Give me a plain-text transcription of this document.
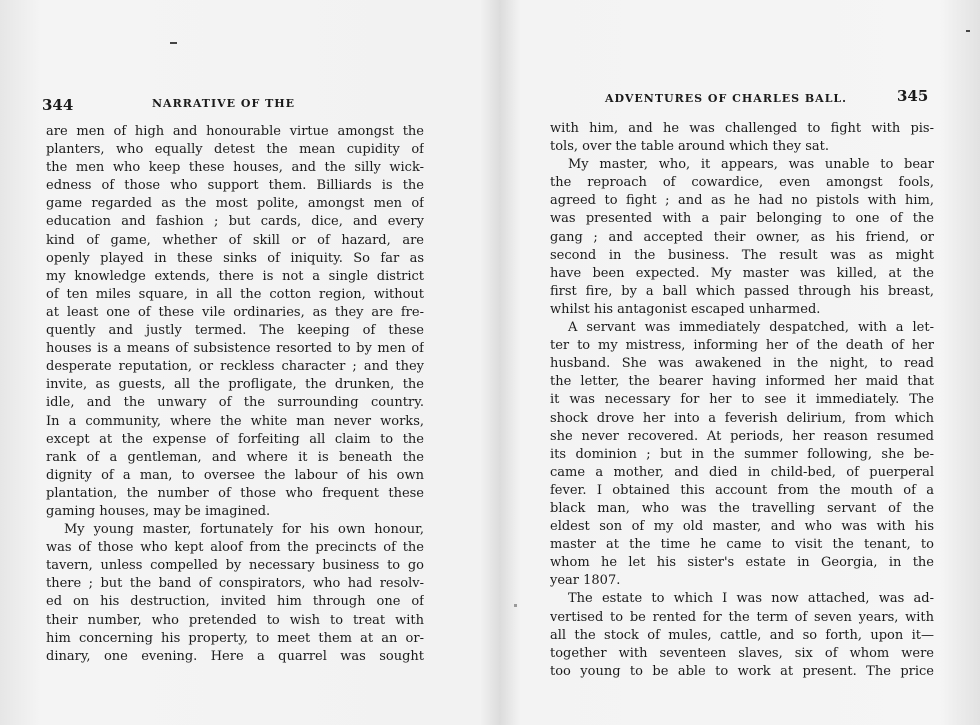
344	NARRATIVE OF THE
are men of high and honourable virtue amongst the
planters, who equally detest the mean cupidity of
the men who keep these houses, and the silly wick-
edness of those who support them. Billiards is the
game regarded as the most polite, amongst men of
education and fashion ; but cards, dice, and every
kind of game, whether of skill or of hazard, are
openly played in these sinks of iniquity. So far as
my knowledge extends, there is not a single district
of ten miles square, in all the cotton region, without
at least one of these vile ordinaries, as they are fre-
quently and justly termed. The keeping of these
houses is a means of subsistence resorted to by men of
desperate reputation, or reckless character ; and they
invite, as guests, all the profligate, the drunken, the
idle, and the unwary of the surrounding country.
In a community, where the white man never works,
except at the expense of forfeiting all claim to the
rank of a gentleman, and where it is beneath the
dignity of a man, to oversee the labour of his own
plantation, the number of those who frequent these
gaming houses, may be imagined.
My young master, fortunately for his own honour,
was of those who kept aloof from the precincts of the
tavern, unless compelled by necessary business to go
there ; but the band of conspirators, who had resolv-
ed on his destruction, invited him through one of
their number, who pretended to wish to treat with
him concerning his property, to meet them at an or-
dinary, one evening. Here a quarrel was sought
ADVENTURES OF CHARLES BALL.	345
with him, and he was challenged to fight with pis-
tols, over the table around which they sat.
My master, who, it appears, was unable to bear
the reproach of cowardice, even amongst fools,
agreed to fight ; and as he had no pistols with him,
was presented with a pair belonging to one of the
gang ; and accepted their owner, as his friend, or
second in the business. The result was as might
have been expected. My master was killed, at the
first fire, by a ball which passed through his breast,
whilst his antagonist escaped unharmed.
A servant was immediately despatched, with a let-
ter to my mistress, informing her of the death of her
husband. She was awakened in the night, to read
the letter, the bearer having informed her maid that
it was necessary for her to see it immediately. The
shock drove her into a feverish delirium, from which
she never recovered. At periods, her reason resumed
its dominion ; but in the summer following, she be-
came a mother, and died in child-bed, of puerperal
fever. I obtained this account from the mouth of a
black man, who was the travelling servant of the
eldest son of my old master, and who was with his
master at the time he came to visit the tenant, to
whom he let his sister's estate in Georgia, in the
year 1807.
The estate to which I was now attached, was ad-
vertised to be rented for the term of seven years, with
all the stock of mules, cattle, and so forth, upon it—
together with seventeen slaves, six of whom were
too young to be able to work at present. The price
